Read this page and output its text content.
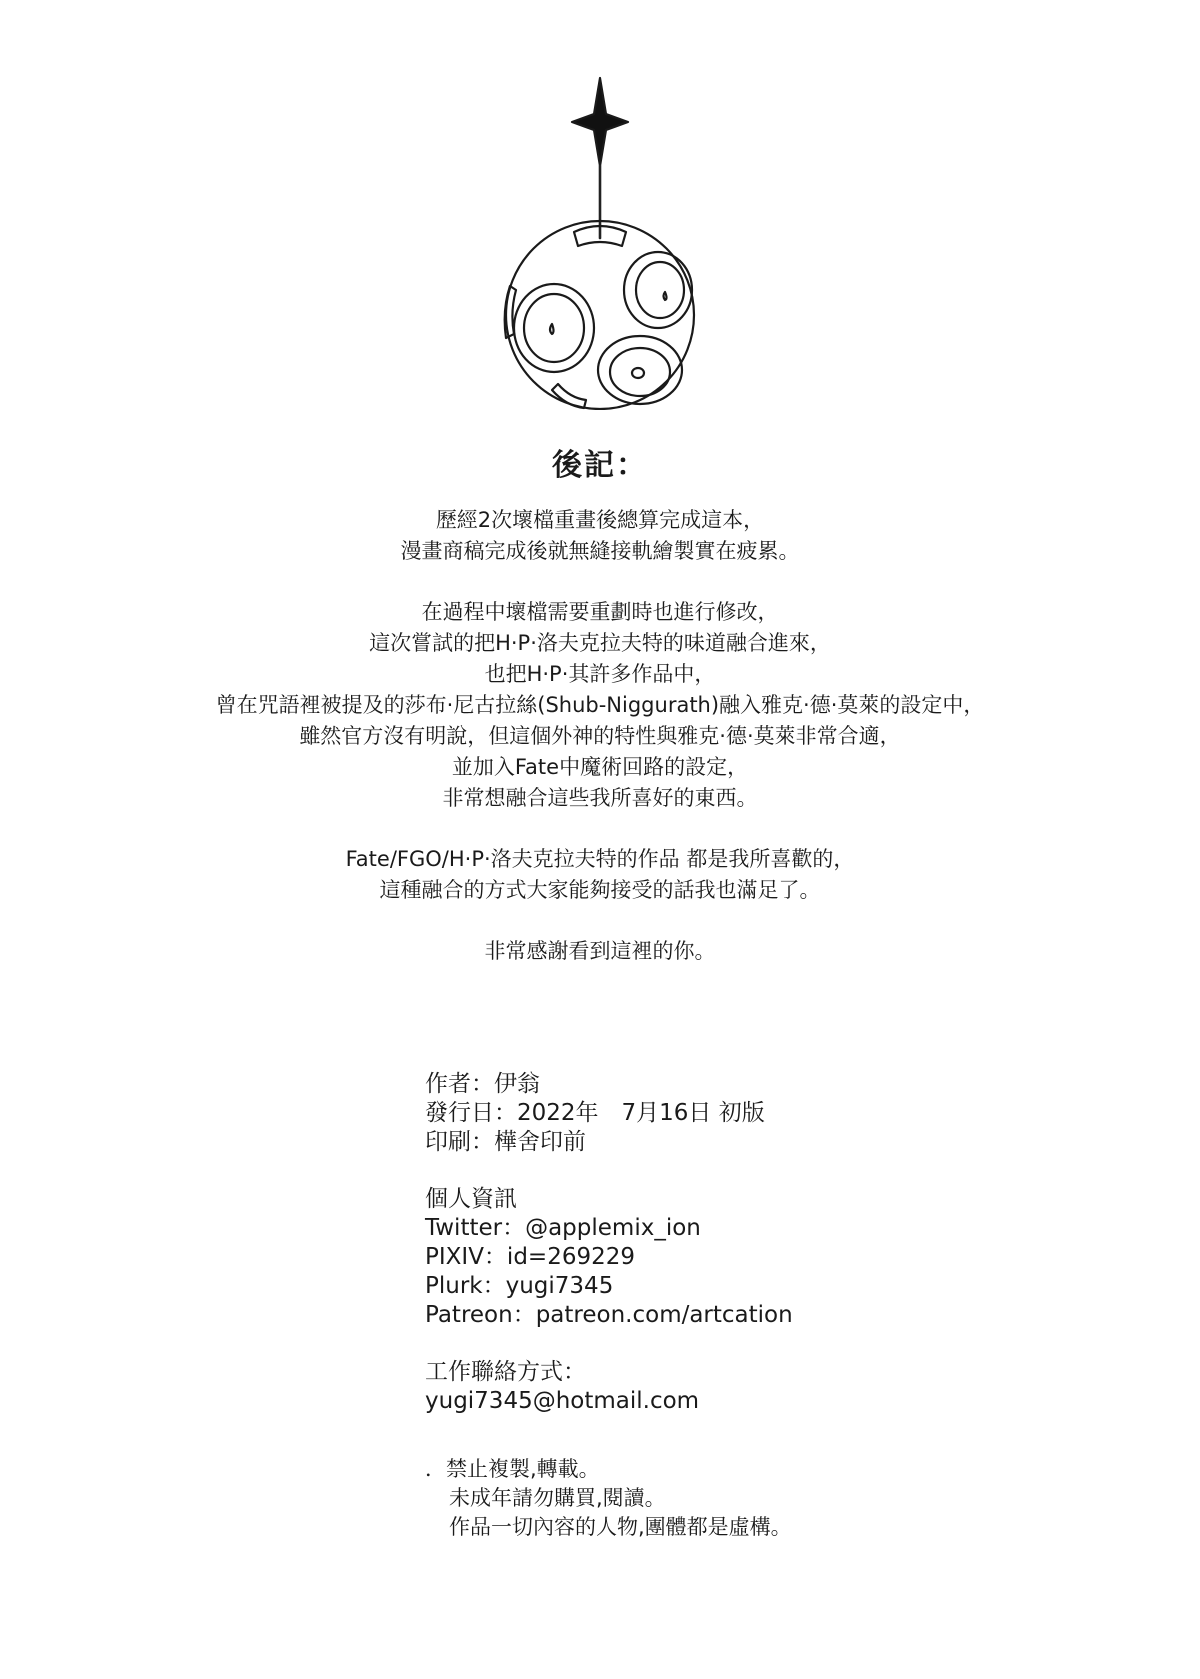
後記：

歷經2次壞檔重畫後總算完成這本，
漫畫商稿完成後就無縫接軌繪製實在疲累。

在過程中壞檔需要重劃時也進行修改，
這次嘗試的把H·P·洛夫克拉夫特的味道融合進來，
也把H·P·其許多作品中，
曾在咒語裡被提及的莎布·尼古拉絲(Shub-Niggurath)融入雅克·德·莫萊的設定中，
雖然官方沒有明說，但這個外神的特性與雅克·德·莫萊非常合適，
並加入Fate中魔術回路的設定，
非常想融合這些我所喜好的東西。

Fate/FGO/H·P·洛夫克拉夫特的作品 都是我所喜歡的，
這種融合的方式大家能夠接受的話我也滿足了。

非常感謝看到這裡的你。

作者：伊翁
發行日：2022年　7月16日 初版
印刷：樺舍印前
個人資訊
Twitter：@applemix_ion
PIXIV：id=269229
Plurk：yugi7345
Patreon：patreon.com/artcation
工作聯絡方式：
yugi7345@hotmail.com
．禁止複製,轉載。
未成年請勿購買,閱讀。
作品一切內容的人物,團體都是虛構。
